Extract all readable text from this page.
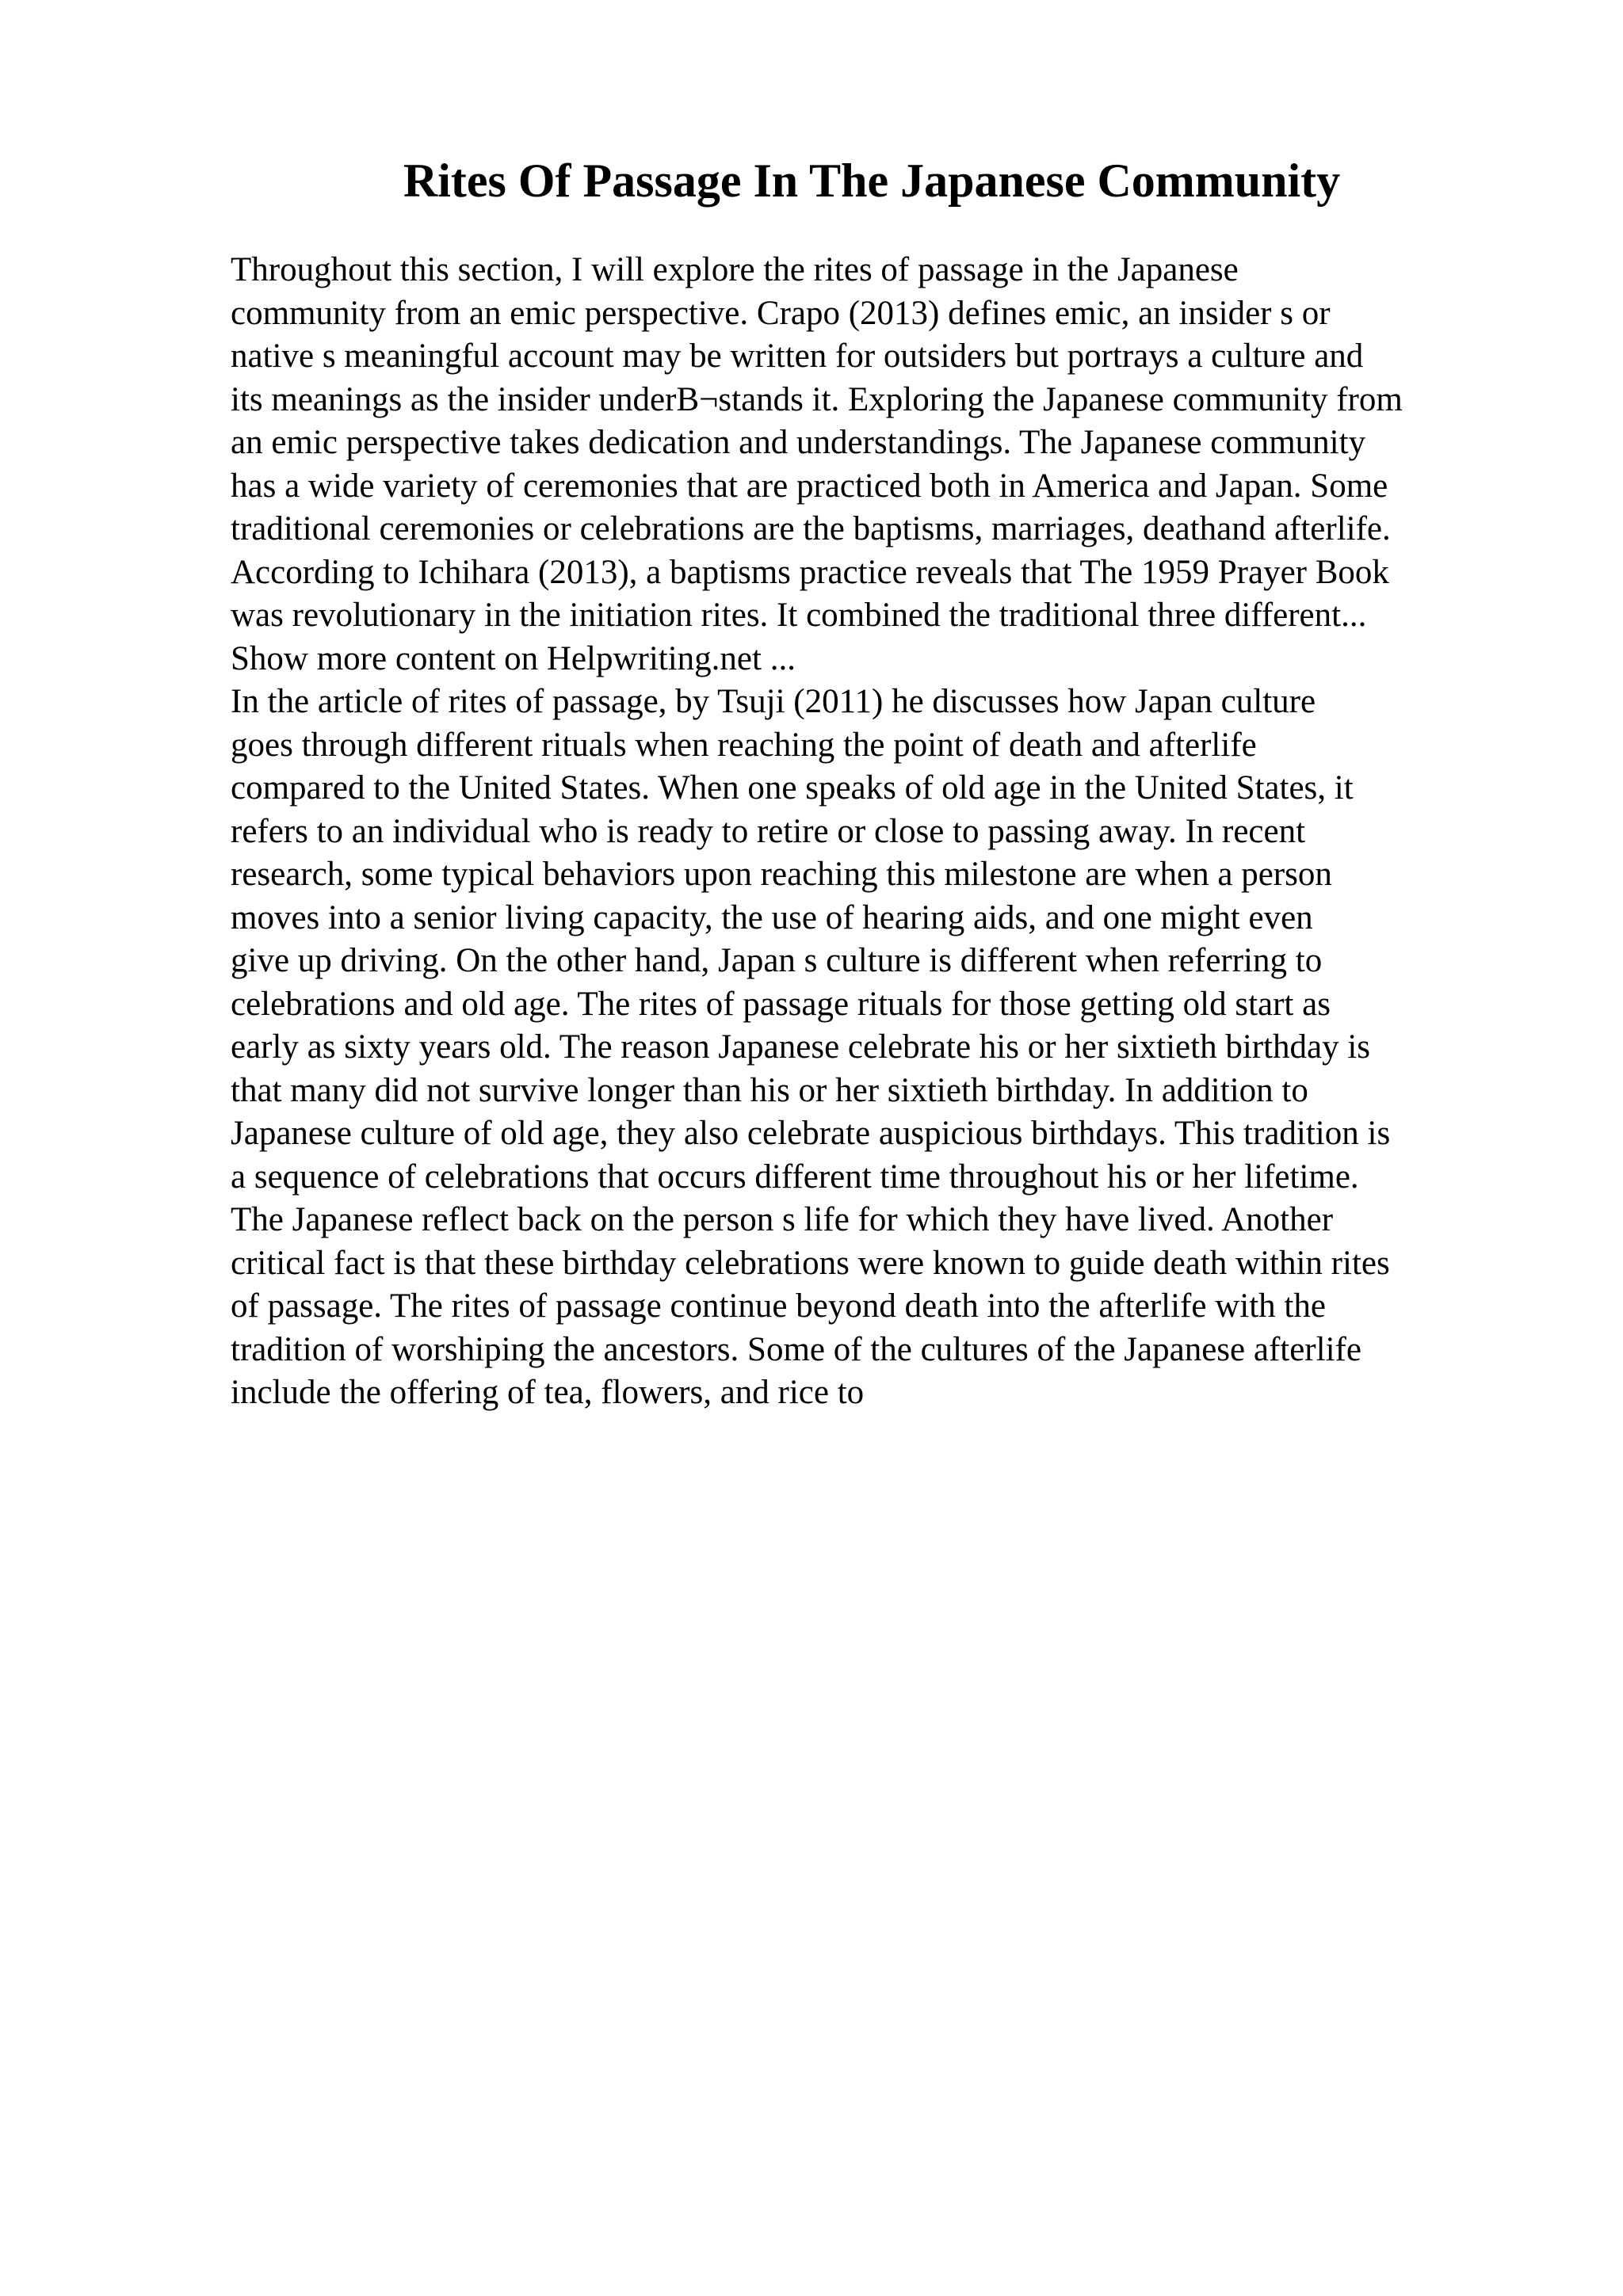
Rites Of Passage In The Japanese Community
Throughout this section, I will explore the rites of passage in the Japanese
community from an emic perspective. Crapo (2013) defines emic, an insider s or
native s meaningful account may be written for outsiders but portrays a culture and
its meanings as the insider underB¬stands it. Exploring the Japanese community from
an emic perspective takes dedication and understandings. The Japanese community
has a wide variety of ceremonies that are practiced both in America and Japan. Some
traditional ceremonies or celebrations are the baptisms, marriages, deathand afterlife.
According to Ichihara (2013), a baptisms practice reveals that The 1959 Prayer Book
was revolutionary in the initiation rites. It combined the traditional three different...
Show more content on Helpwriting.net ...
In the article of rites of passage, by Tsuji (2011) he discusses how Japan culture
goes through different rituals when reaching the point of death and afterlife
compared to the United States. When one speaks of old age in the United States, it
refers to an individual who is ready to retire or close to passing away. In recent
research, some typical behaviors upon reaching this milestone are when a person
moves into a senior living capacity, the use of hearing aids, and one might even
give up driving. On the other hand, Japan s culture is different when referring to
celebrations and old age. The rites of passage rituals for those getting old start as
early as sixty years old. The reason Japanese celebrate his or her sixtieth birthday is
that many did not survive longer than his or her sixtieth birthday. In addition to
Japanese culture of old age, they also celebrate auspicious birthdays. This tradition is
a sequence of celebrations that occurs different time throughout his or her lifetime.
The Japanese reflect back on the person s life for which they have lived. Another
critical fact is that these birthday celebrations were known to guide death within rites
of passage. The rites of passage continue beyond death into the afterlife with the
tradition of worshiping the ancestors. Some of the cultures of the Japanese afterlife
include the offering of tea, flowers, and rice to
